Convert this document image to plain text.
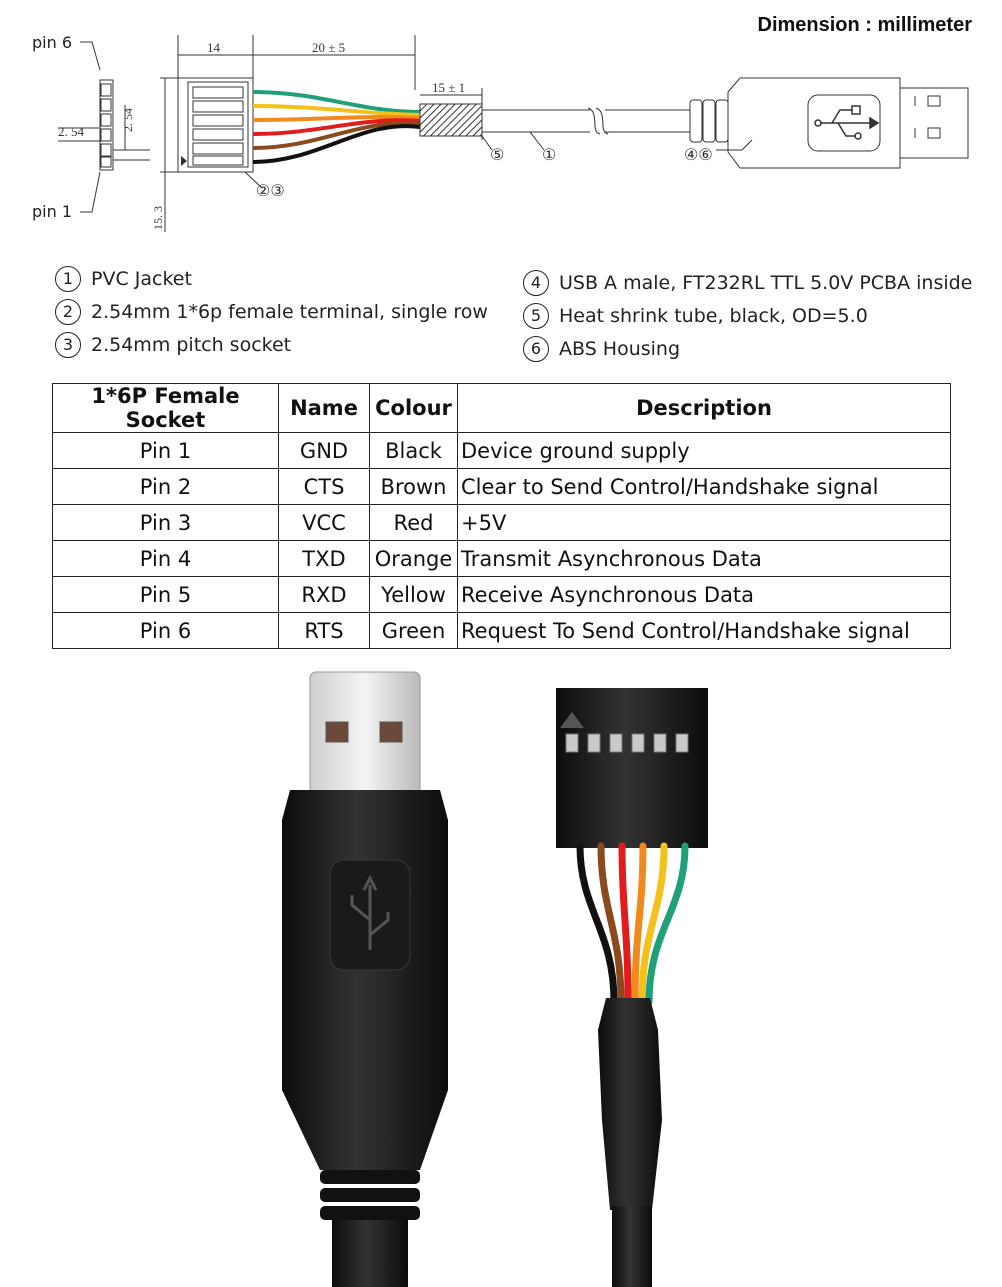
pin 6
pin 1
2. 54	2. 54
14	20 ± 5
15 ± 1
15. 3
②③
⑤ ①	④⑥
Dimension : millimeter
1 PVC Jacket
2 2.54mm 1*6p female terminal, single row
3 2.54mm pitch socket
4 USB A male, FT232RL TTL 5.0V PCBA inside
5 Heat shrink tube, black, OD=5.0
6 ABS Housing
1*6P Female Socket	Name	Colour	Description
Pin 1	GND	Black	Device ground supply
Pin 2	CTS	Brown	Clear to Send Control/Handshake signal
Pin 3	VCC	Red	+5V
Pin 4	TXD	Orange	Transmit Asynchronous Data
Pin 5	RXD	Yellow	Receive Asynchronous Data
Pin 6	RTS	Green	Request To Send Control/Handshake signal
